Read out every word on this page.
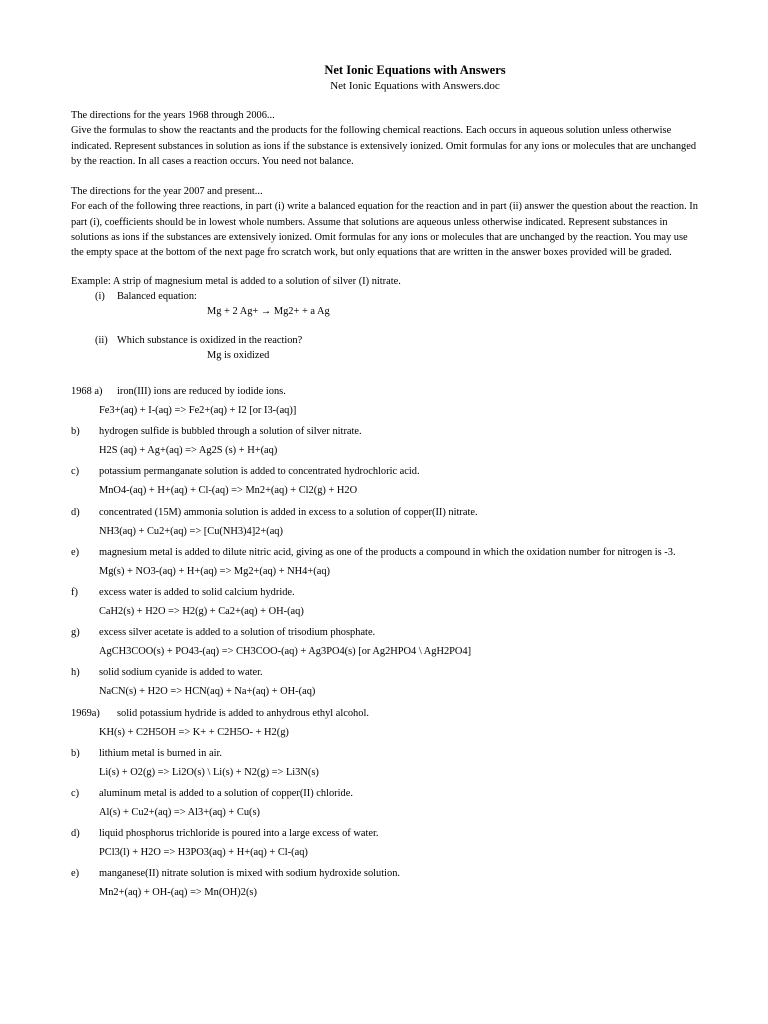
Net Ionic Equations with Answers
Net Ionic Equations with Answers.doc
The directions for the years 1968 through 2006...
Give the formulas to show the reactants and the products for the following chemical reactions. Each occurs in aqueous solution unless otherwise
indicated. Represent substances in solution as ions if the substance is extensively ionized. Omit formulas for any ions or molecules that are unchanged
by the reaction. In all cases a reaction occurs. You need not balance.
The directions for the year 2007 and present...
For each of the following three reactions, in part (i) write a balanced equation for the reaction and in part (ii) answer the question about the reaction. In
part (i), coefficients should be in lowest whole numbers. Assume that solutions are aqueous unless otherwise indicated. Represent substances in
solutions as ions if the substances are extensively ionized. Omit formulas for any ions or molecules that are unchanged by the reaction. You may use
the empty space at the bottom of the next page fro scratch work, but only equations that are written in the answer boxes provided will be graded.
Example: A strip of magnesium metal is added to a solution of silver (I) nitrate.
(i) Balanced equation:
Mg + 2 Ag+ → Mg2+ + a Ag
(ii) Which substance is oxidized in the reaction?
Mg is oxidized
1968 a) iron(III) ions are reduced by iodide ions.
Fe3+(aq) + I-(aq) => Fe2+(aq) + I2 [or I3-(aq)]
b) hydrogen sulfide is bubbled through a solution of silver nitrate.
H2S (aq) + Ag+(aq) => Ag2S (s) + H+(aq)
c) potassium permanganate solution is added to concentrated hydrochloric acid.
MnO4-(aq) + H+(aq) + Cl-(aq) => Mn2+(aq) + Cl2(g) + H2O
d) concentrated (15M) ammonia solution is added in excess to a solution of copper(II) nitrate.
NH3(aq) + Cu2+(aq) => [Cu(NH3)4]2+(aq)
e) magnesium metal is added to dilute nitric acid, giving as one of the products a compound in which the oxidation number for nitrogen is -3.
Mg(s) + NO3-(aq) + H+(aq) => Mg2+(aq) + NH4+(aq)
f) excess water is added to solid calcium hydride.
CaH2(s) + H2O => H2(g) + Ca2+(aq) + OH-(aq)
g) excess silver acetate is added to a solution of trisodium phosphate.
AgCH3COO(s) + PO43-(aq) => CH3COO-(aq) + Ag3PO4(s) [or Ag2HPO4 \ AgH2PO4]
h) solid sodium cyanide is added to water.
NaCN(s) + H2O => HCN(aq) + Na+(aq) + OH-(aq)
1969a) solid potassium hydride is added to anhydrous ethyl alcohol.
KH(s) + C2H5OH => K+ + C2H5O- + H2(g)
b) lithium metal is burned in air.
Li(s) + O2(g) => Li2O(s) \ Li(s) + N2(g) => Li3N(s)
c) aluminum metal is added to a solution of copper(II) chloride.
Al(s) + Cu2+(aq) => Al3+(aq) + Cu(s)
d) liquid phosphorus trichloride is poured into a large excess of water.
PCl3(l) + H2O => H3PO3(aq) + H+(aq) + Cl-(aq)
e) manganese(II) nitrate solution is mixed with sodium hydroxide solution.
Mn2+(aq) + OH-(aq) => Mn(OH)2(s)
